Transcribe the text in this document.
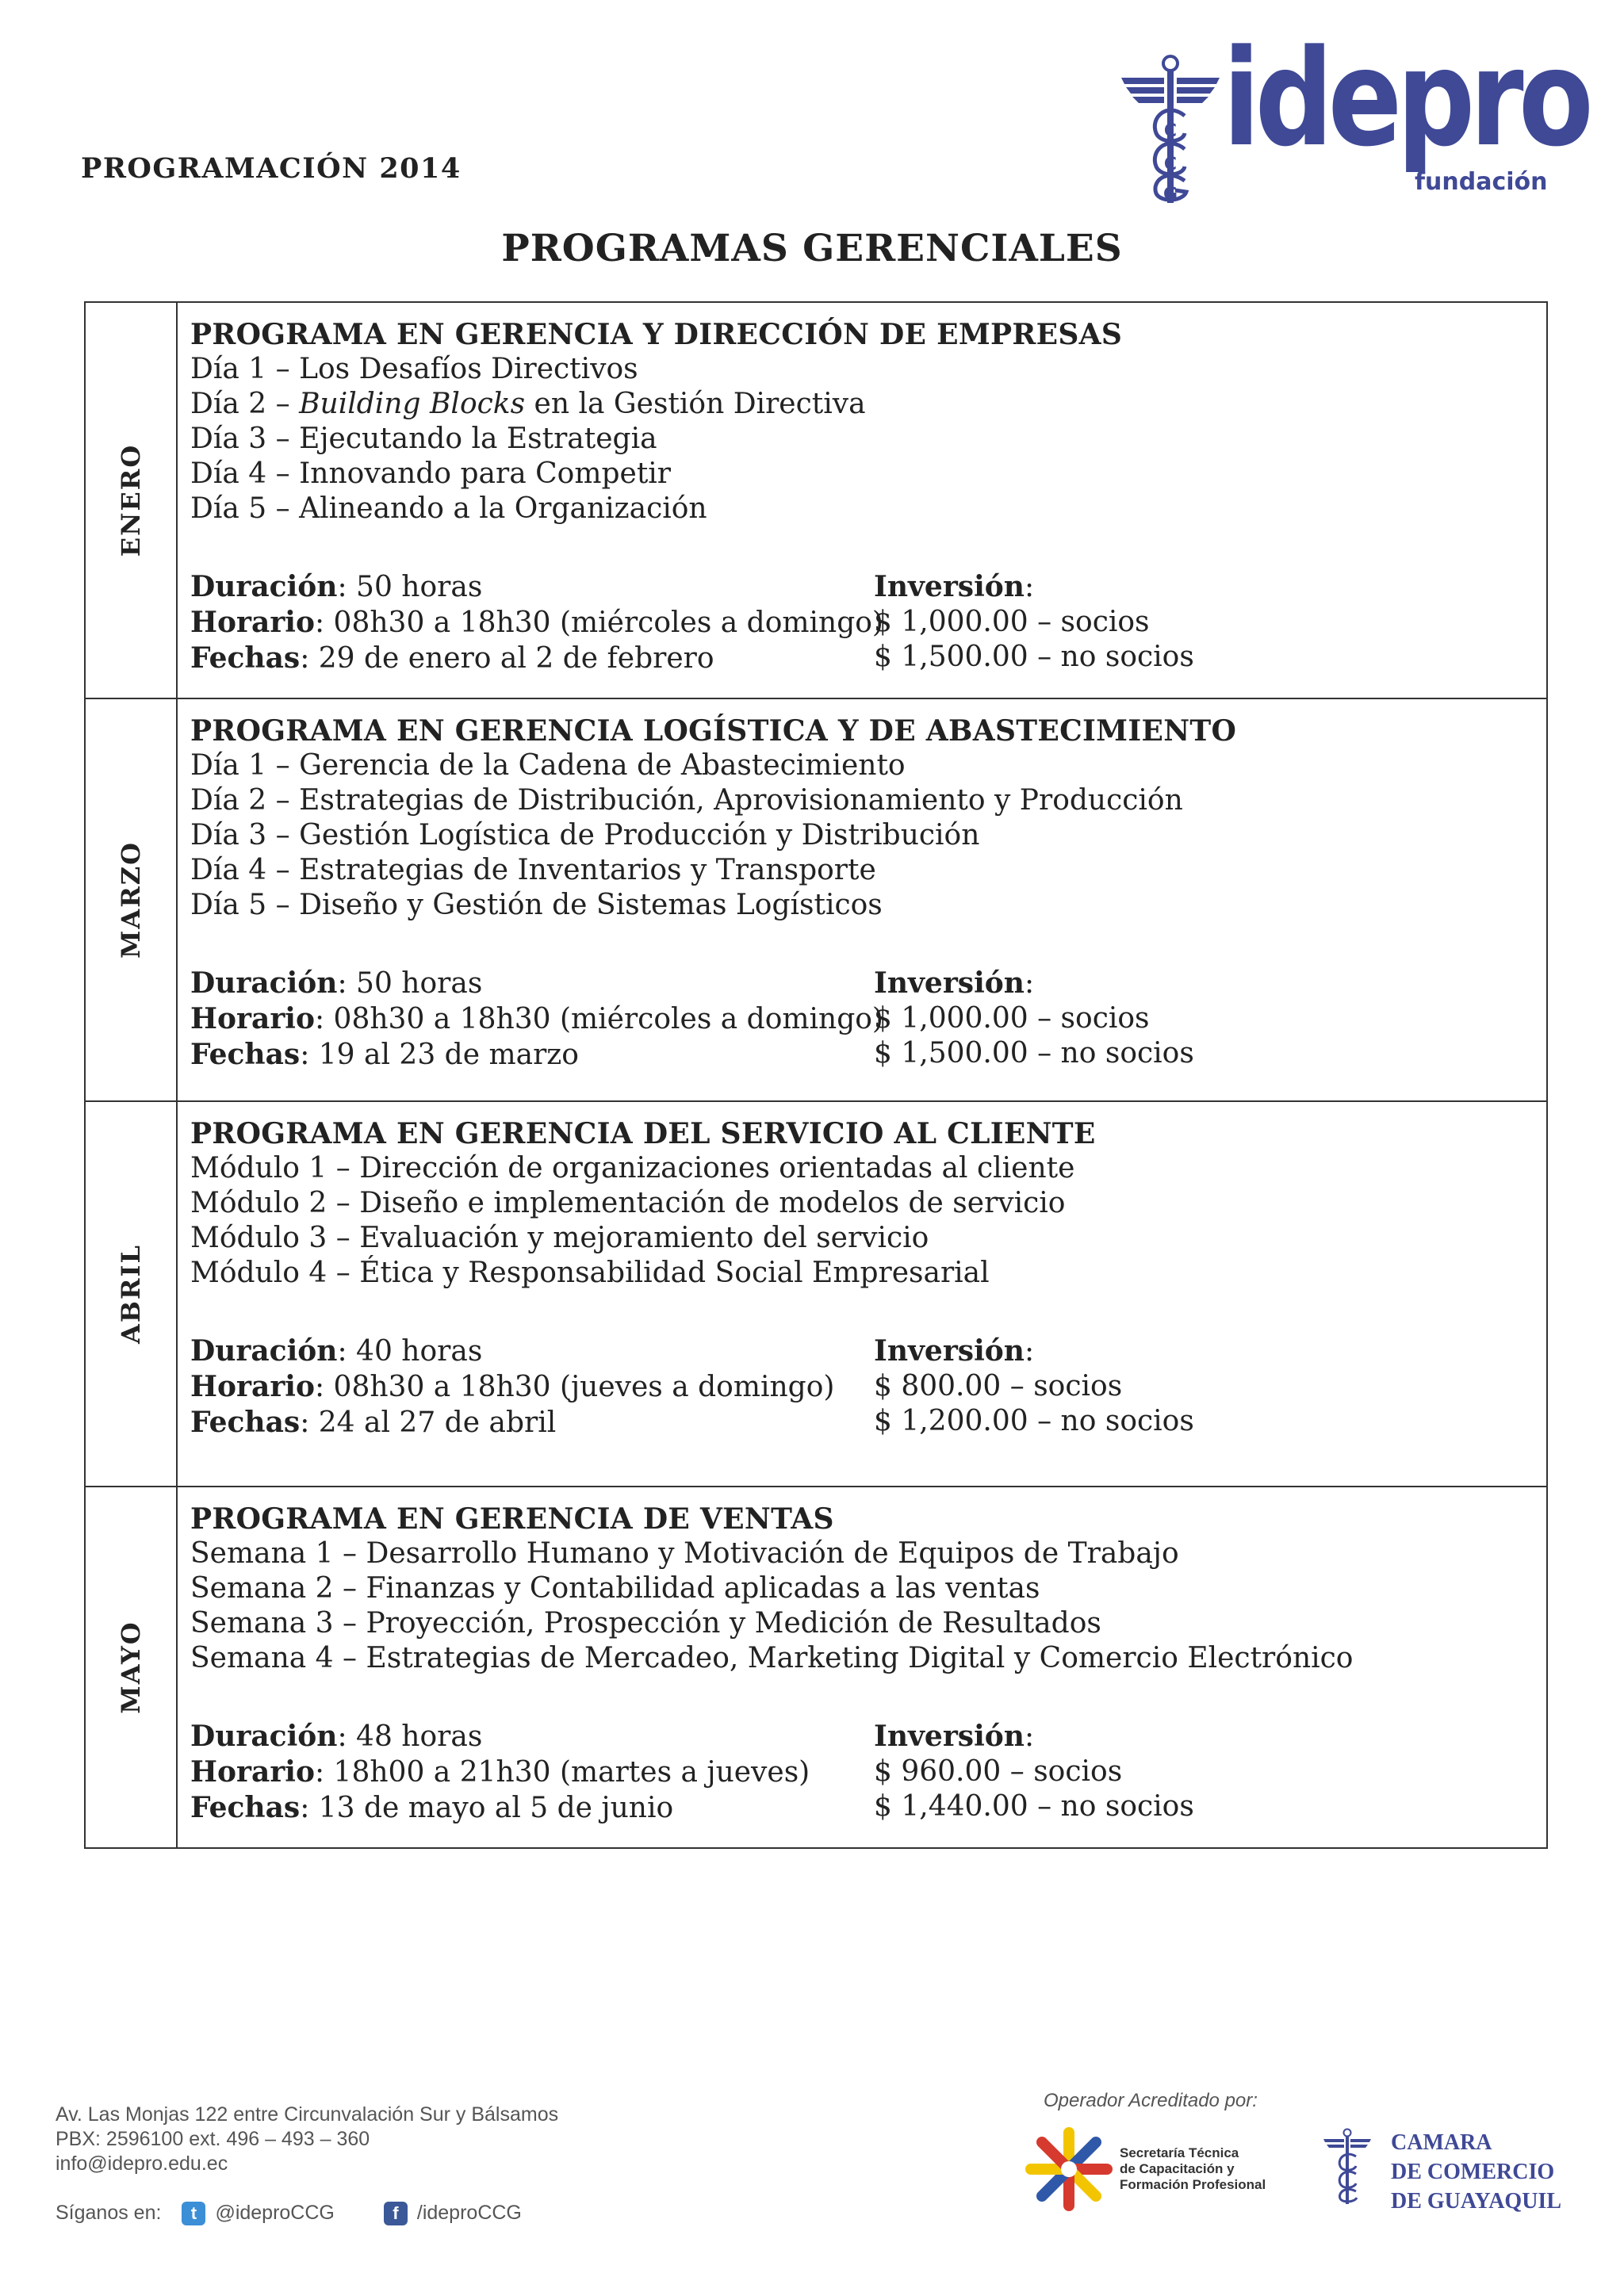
PROGRAMACIÓN 2014
C
C
G
idepro
fundación
PROGRAMAS GERENCIALES
ENERO
PROGRAMA EN GERENCIA Y DIRECCIÓN DE EMPRESAS
Día 1 – Los Desafíos Directivos
Día 2 – Building Blocks en la Gestión Directiva
Día 3 – Ejecutando la Estrategia
Día 4 – Innovando para Competir
Día 5 – Alineando a la Organización
Duración: 50 horas
Horario: 08h30 a 18h30 (miércoles a domingo)
Fechas: 29 de enero al 2 de febrero
Inversión:
$ 1,000.00 – socios
$ 1,500.00 – no socios
MARZO
PROGRAMA EN GERENCIA LOGÍSTICA Y DE ABASTECIMIENTO
Día 1 – Gerencia de la Cadena de Abastecimiento
Día 2 – Estrategias de Distribución, Aprovisionamiento y Producción
Día 3 – Gestión Logística de Producción y Distribución
Día 4 – Estrategias de Inventarios y Transporte
Día 5 – Diseño y Gestión de Sistemas Logísticos
Duración: 50 horas
Horario: 08h30 a 18h30 (miércoles a domingo)
Fechas: 19 al 23 de marzo
Inversión:
$ 1,000.00 – socios
$ 1,500.00 – no socios
ABRIL
PROGRAMA EN GERENCIA DEL SERVICIO AL CLIENTE
Módulo 1 – Dirección de organizaciones orientadas al cliente
Módulo 2 – Diseño e implementación de modelos de servicio
Módulo 3 – Evaluación y mejoramiento del servicio
Módulo 4 – Ética y Responsabilidad Social Empresarial
Duración: 40 horas
Horario: 08h30 a 18h30 (jueves a domingo)
Fechas: 24 al 27 de abril
Inversión:
$ 800.00 – socios
$ 1,200.00 – no socios
MAYO
PROGRAMA EN GERENCIA DE VENTAS
Semana 1 – Desarrollo Humano y Motivación de Equipos de Trabajo
Semana 2 – Finanzas y Contabilidad aplicadas a las ventas
Semana 3 – Proyección, Prospección y Medición de Resultados
Semana 4 – Estrategias de Mercadeo, Marketing Digital y Comercio Electrónico
Duración: 48 horas
Horario: 18h00 a 21h30 (martes a jueves)
Fechas: 13 de mayo al 5 de junio
Inversión:
$ 960.00 – socios
$ 1,440.00 – no socios
Av. Las Monjas 122 entre Circunvalación Sur y Bálsamos
PBX: 2596100 ext. 496 – 493 – 360
info@idepro.edu.ec
Síganos en:	t @ideproCCG	f /ideproCCG
Operador Acreditado por:
Secretaría Técnica
de Capacitación y
Formación Profesional
CAMARA
DE COMERCIO
DE GUAYAQUIL
